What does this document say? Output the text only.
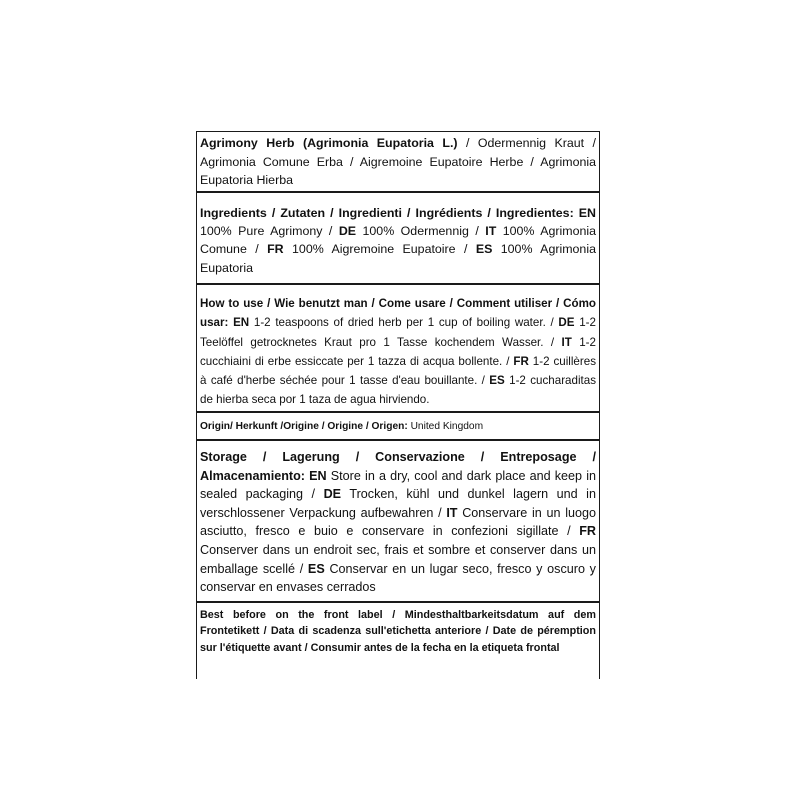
Agrimony Herb (Agrimonia Eupatoria L.) / Odermennig Kraut / Agrimonia Comune Erba / Aigremoine Eupatoire Herbe / Agrimonia Eupatoria Hierba
Ingredients / Zutaten / Ingredienti / Ingrédients / Ingredientes: EN 100% Pure Agrimony / DE 100% Odermennig / IT 100% Agrimonia Comune / FR 100% Aigremoine Eupatoire / ES 100% Agrimonia Eupatoria
How to use / Wie benutzt man / Come usare / Comment utiliser / Cómo usar: EN 1-2 teaspoons of dried herb per 1 cup of boiling water. / DE 1-2 Teelöffel getrocknetes Kraut pro 1 Tasse kochendem Wasser. / IT 1-2 cucchiaini di erbe essiccate per 1 tazza di acqua bollente. / FR 1-2 cuillères à café d'herbe séchée pour 1 tasse d'eau bouillante. / ES 1-2 cucharaditas de hierba seca por 1 taza de agua hirviendo.
Origin/ Herkunft /Origine / Origine / Origen: United Kingdom
Storage / Lagerung / Conservazione / Entreposage / Almacenamiento: EN Store in a dry, cool and dark place and keep in sealed packaging / DE Trocken, kühl und dunkel lagern und in verschlossener Verpackung aufbewahren / IT Conservare in un luogo asciutto, fresco e buio e conservare in confezioni sigillate / FR Conserver dans un endroit sec, frais et sombre et conserver dans un emballage scellé / ES Conservar en un lugar seco, fresco y oscuro y conservar en envases cerrados
Best before on the front label / Mindesthaltbarkeitsdatum auf dem Frontetikett / Data di scadenza sull'etichetta anteriore / Date de péremption sur l'étiquette avant / Consumir antes de la fecha en la etiqueta frontal
